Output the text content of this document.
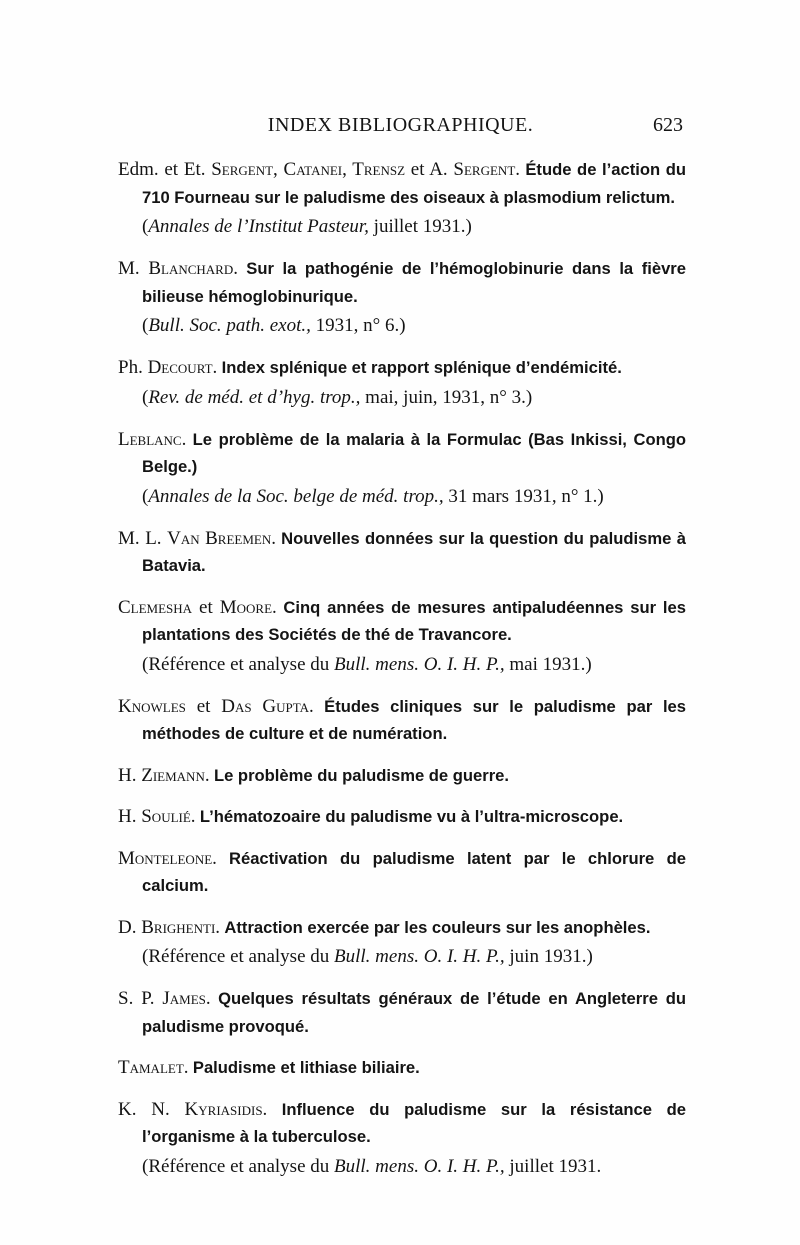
INDEX BIBLIOGRAPHIQUE.	623
Edm. et Et. Sergent, Catanei, Trensz et A. Sergent. Étude de l’action du 710 Fourneau sur le paludisme des oiseaux à plasmodium relictum.
(Annales de l’Institut Pasteur, juillet 1931.)
M. Blanchard. Sur la pathogénie de l’hémoglobinurie dans la fièvre bilieuse hémoglobinurique.
(Bull. Soc. path. exot., 1931, n° 6.)
Ph. Decourt. Index splénique et rapport splénique d’endémicité.
(Rev. de méd. et d’hyg. trop., mai, juin, 1931, n° 3.)
Leblanc. Le problème de la malaria à la Formulac (Bas Inkissi, Congo Belge.)
(Annales de la Soc. belge de méd. trop., 31 mars 1931, n° 1.)
M. L. Van Breemen. Nouvelles données sur la question du paludisme à Batavia.
Clemesha et Moore. Cinq années de mesures antipaludéennes sur les plantations des Sociétés de thé de Travancore.
(Référence et analyse du Bull. mens. O. I. H. P., mai 1931.)
Knowles et Das Gupta. Études cliniques sur le paludisme par les méthodes de culture et de numération.
H. Ziemann. Le problème du paludisme de guerre.
H. Soulié. L’hématozoaire du paludisme vu à l’ultra-microscope.
Monteleone. Réactivation du paludisme latent par le chlorure de calcium.
D. Brighenti. Attraction exercée par les couleurs sur les anophèles.
(Référence et analyse du Bull. mens. O. I. H. P., juin 1931.)
S. P. James. Quelques résultats généraux de l’étude en Angleterre du paludisme provoqué.
Tamalet. Paludisme et lithiase biliaire.
K. N. Kyriasidis. Influence du paludisme sur la résistance de l’organisme à la tuberculose.
(Référence et analyse du Bull. mens. O. I. H. P., juillet 1931.
